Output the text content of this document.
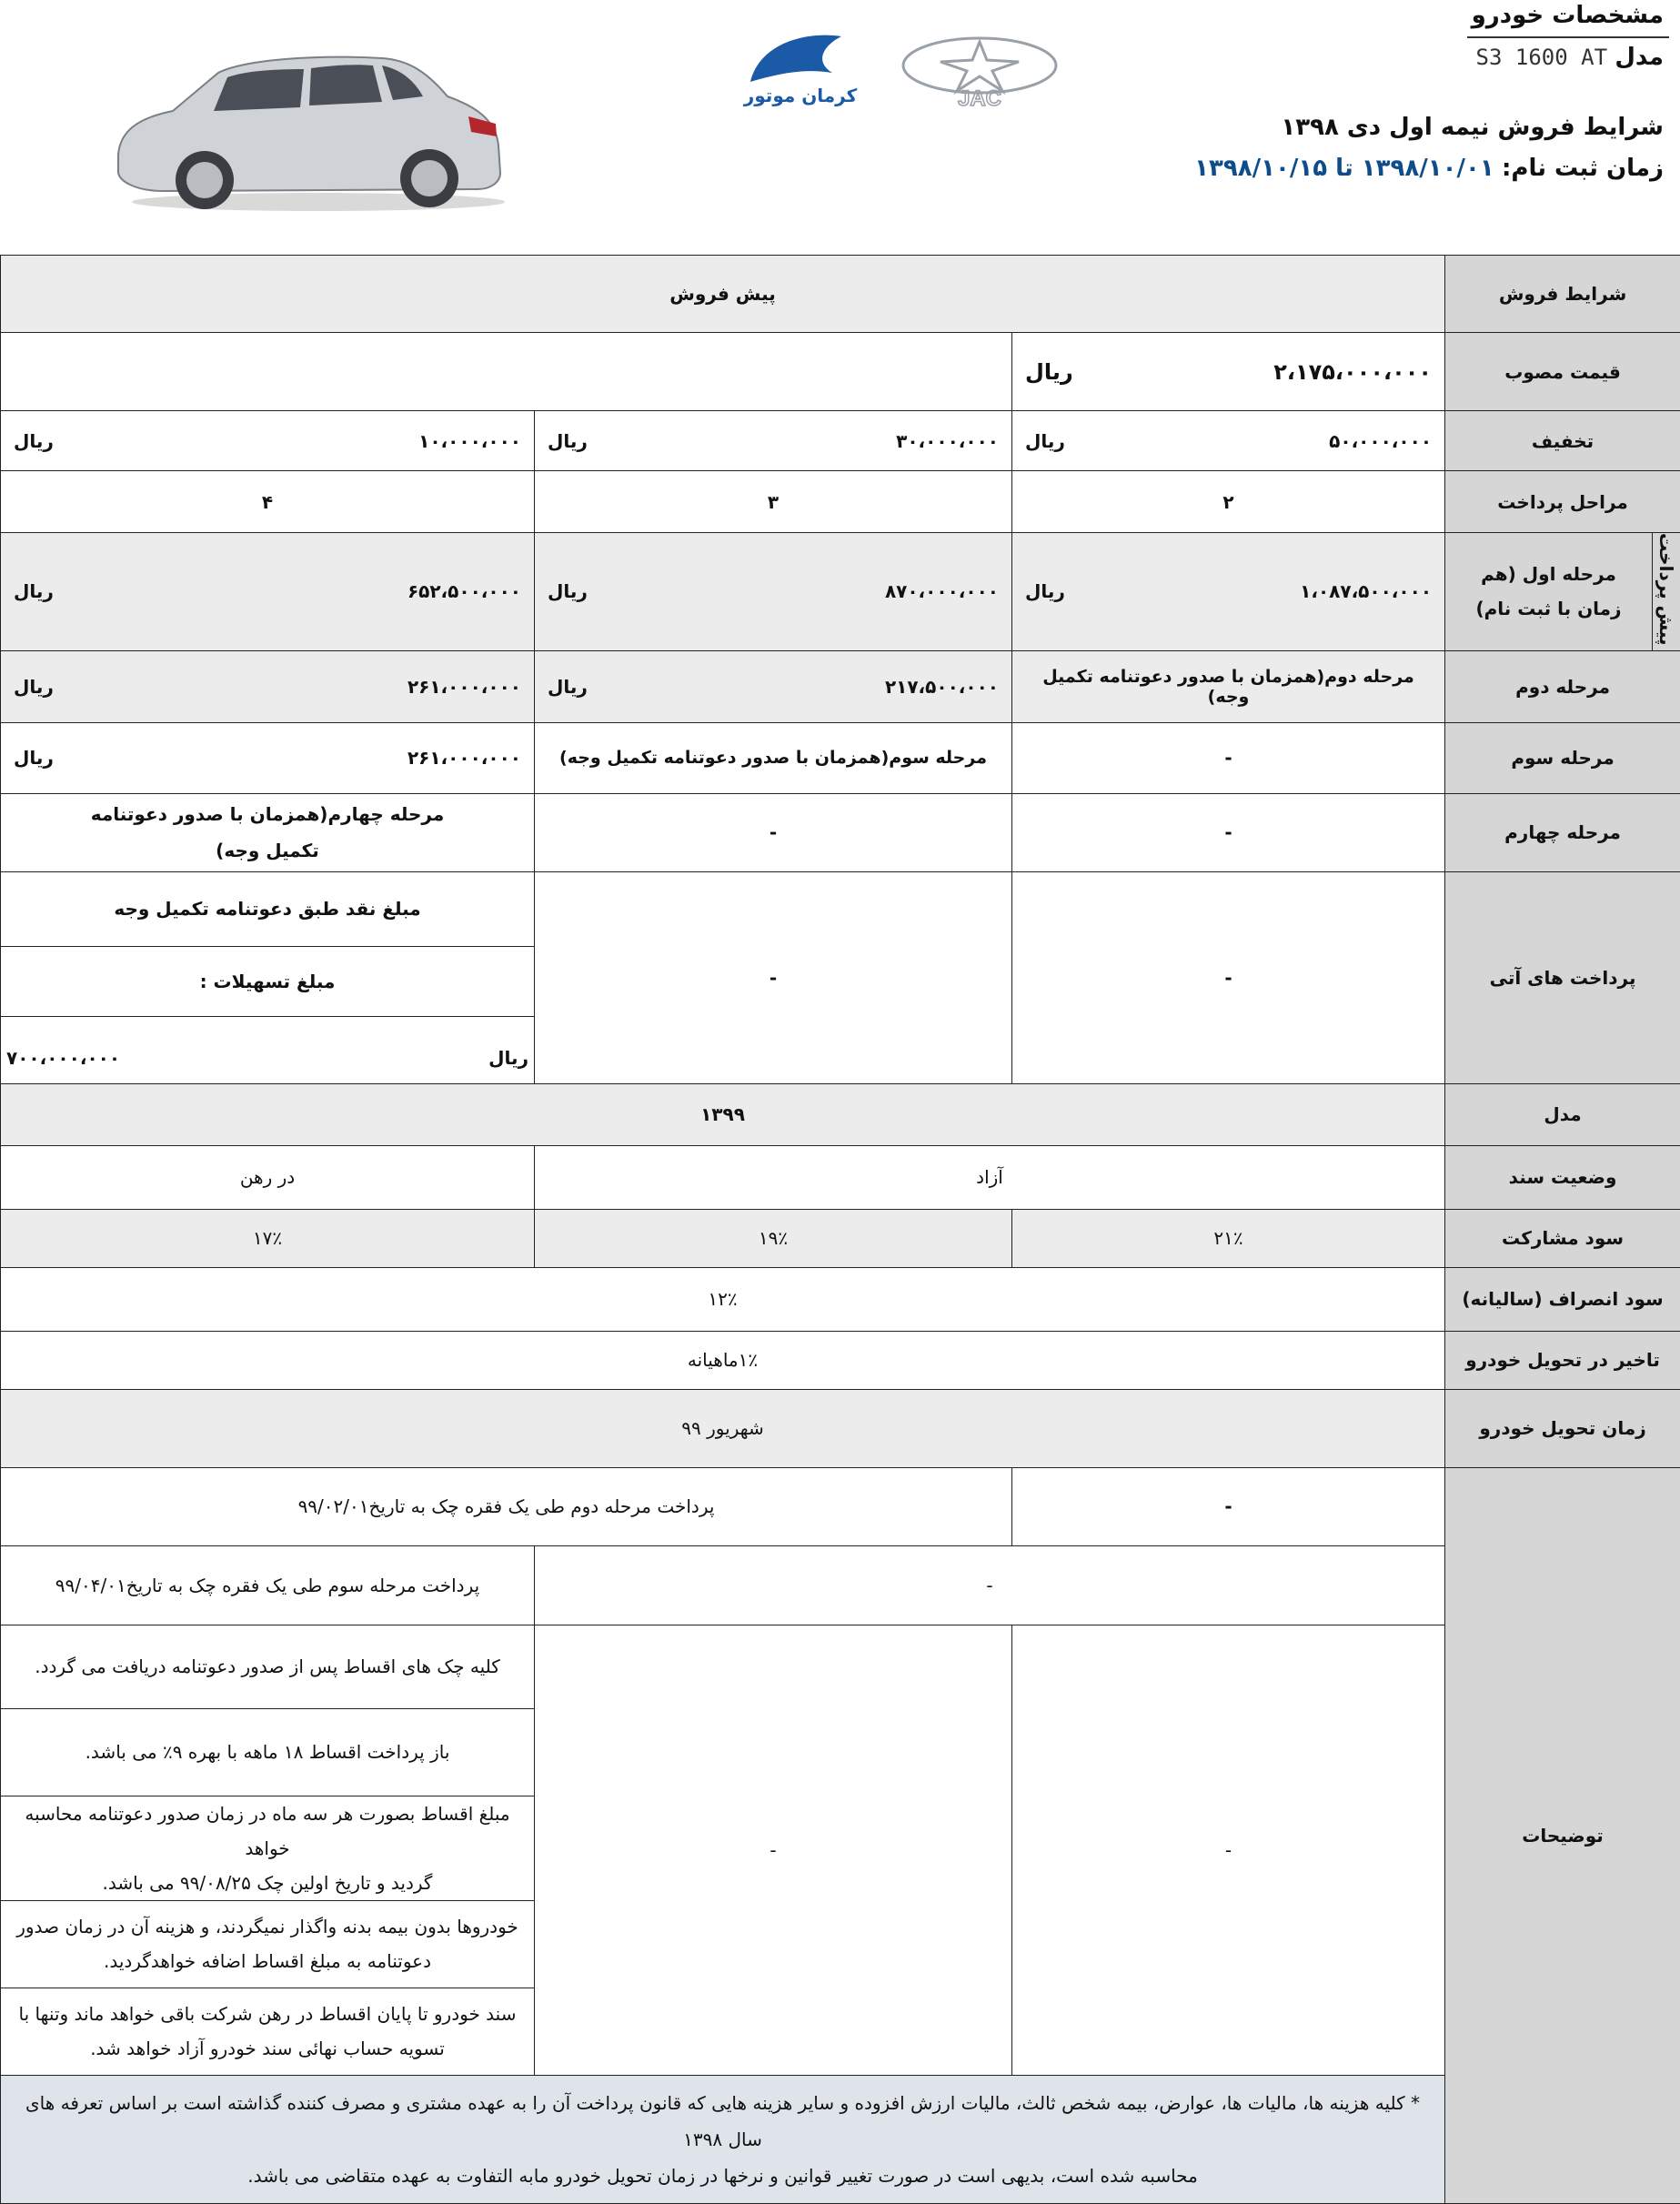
مشخصات خودرو
مدل S3 1600 AT
شرایط فروش نیمه اول دی ۱۳۹۸
زمان ثبت نام: ۱۳۹۸/۱۰/۰۱ تا ۱۳۹۸/۱۰/۱۵
JAC
کرمان موتور
پیش فروش			شرایط فروش	

		ریال ۲،۱۷۵،۰۰۰،۰۰۰	قیمت مصوب	

ریال ۱۰،۰۰۰،۰۰۰	ریال ۳۰،۰۰۰،۰۰۰	ریال ۵۰،۰۰۰،۰۰۰	تخفیف	
۴	۳	۲	مراحل پرداخت	

ریال ۶۵۲،۵۰۰،۰۰۰	ریال ۸۷۰،۰۰۰،۰۰۰	ریال ۱،۰۸۷،۵۰۰،۰۰۰	مرحله اول (هم زمان با ثبت نام)	پیش پرداخت

ریال ۲۶۱،۰۰۰،۰۰۰	ریال ۲۱۷،۵۰۰،۰۰۰	مرحله دوم(همزمان با صدور دعوتنامه تکمیل وجه)	مرحله دوم	

ریال ۲۶۱،۰۰۰،۰۰۰	مرحله سوم(همزمان با صدور دعوتنامه تکمیل وجه)	-	مرحله سوم	

مرحله چهارم(همزمان با صدور دعوتنامه
تکمیل وجه)	-	-	مرحله چهارم	
مبلغ نقد طبق دعوتنامه تکمیل وجه	-	-	پرداخت های آتی	
مبلغ تسهیلات :				

۷۰۰،۰۰۰،۰۰۰ ریال				

۱۳۹۹			مدل	
در رهن	آزاد		وضعیت سند	
۱۷٪	۱۹٪	۲۱٪	سود مشارکت	
۱۲٪			سود انصراف (سالیانه)	
۱٪ماهیانه			تاخیر در تحویل خودرو	
شهریور ۹۹			زمان تحویل خودرو	
پرداخت مرحله دوم طی یک فقره چک به تاریخ۹۹/۰۲/۰۱		-	توضیحات	
پرداخت مرحله سوم طی یک فقره چک به تاریخ۹۹/۰۴/۰۱	-			
کلیه چک های اقساط پس از صدور دعوتنامه دریافت می گردد.	-	-		
باز پرداخت اقساط ۱۸ ماهه با بهره ۹٪ می باشد.				

مبلغ اقساط بصورت هر سه ماه در زمان صدور دعوتنامه محاسبه خواهد
گردید و تاریخ اولین چک ۹۹/۰۸/۲۵ می باشد.				

خودروها بدون بیمه بدنه واگذار نمیگردند، و هزینه آن در زمان صدور
دعوتنامه به مبلغ اقساط اضافه خواهدگردید.				

سند خودرو تا پایان اقساط در رهن شرکت باقی خواهد ماند وتنها با
تسویه حساب نهائی سند خودرو آزاد خواهد شد.				

* کلیه هزینه ها، مالیات ها، عوارض، بیمه شخص ثالث، مالیات ارزش افزوده و سایر هزینه هایی که قانون پرداخت آن را به عهده مشتری و مصرف کننده گذاشته است بر اساس تعرفه های سال ۱۳۹۸
محاسبه شده است، بدیهی است در صورت تغییر قوانین و نرخها در زمان تحویل خودرو مابه التفاوت به عهده متقاضی می باشد.				
